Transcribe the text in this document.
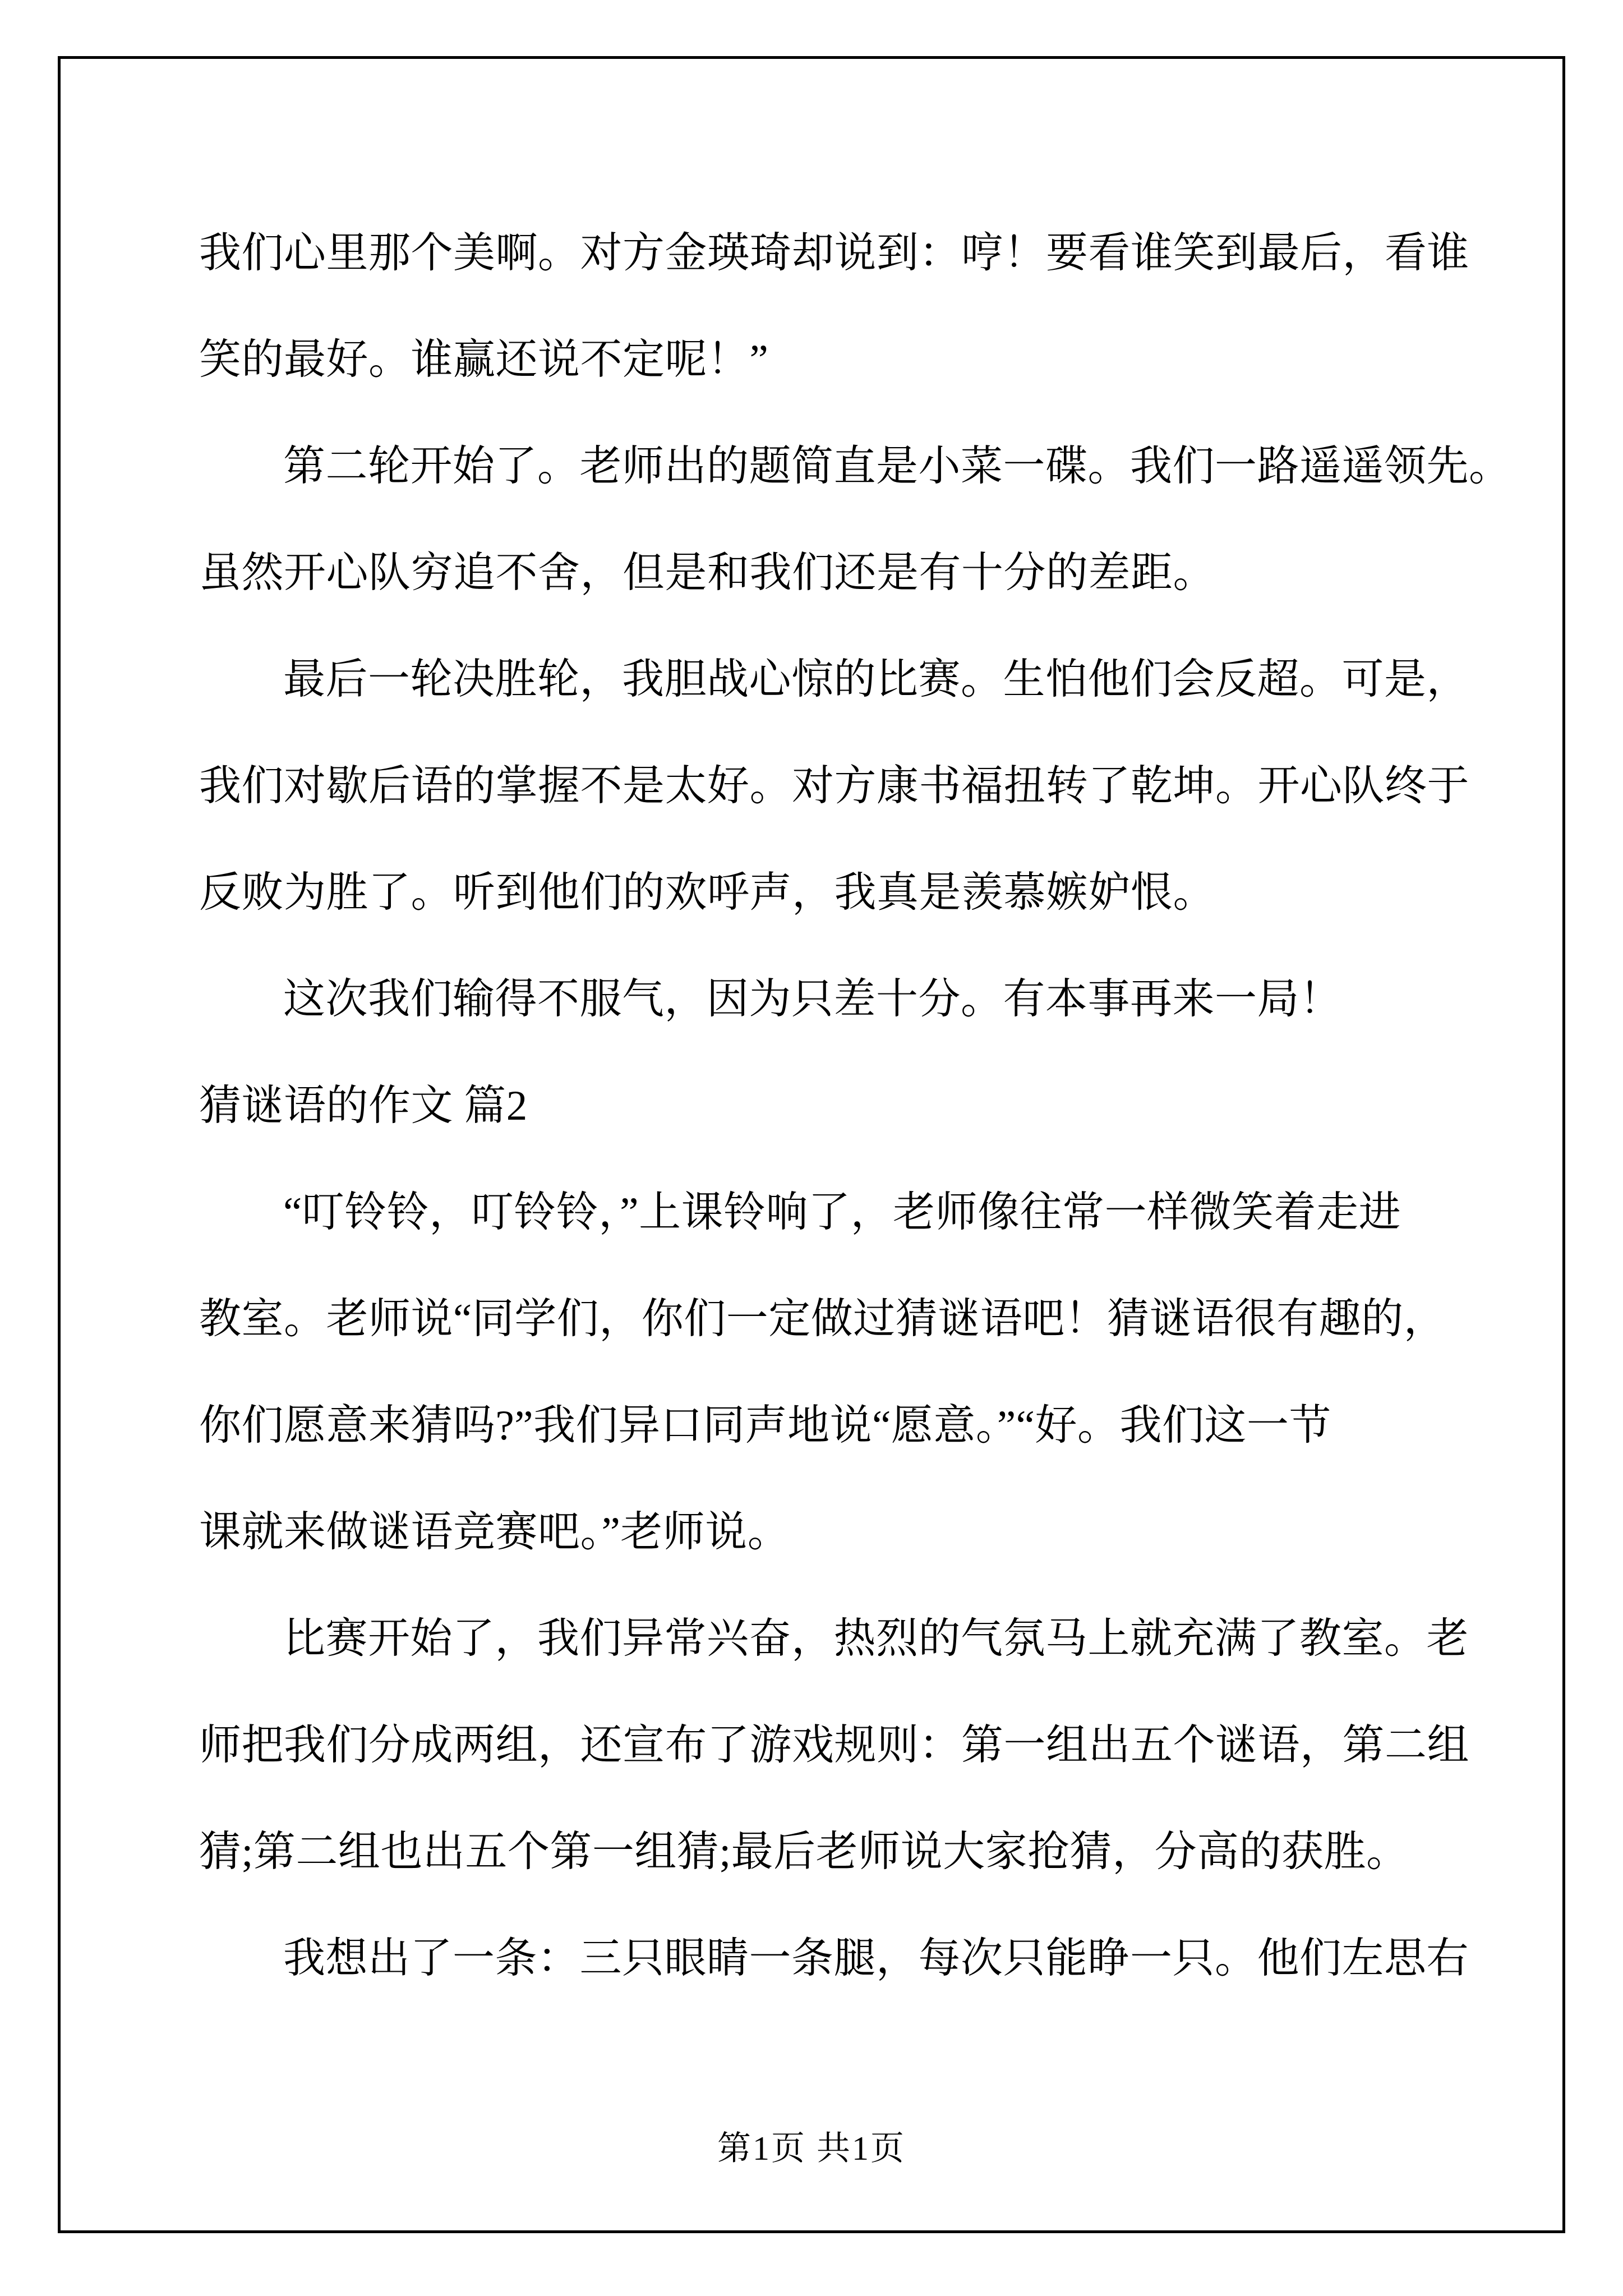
我们心里那个美啊。对方金瑛琦却说到：哼！要看谁笑到最后，看谁
笑的最好。谁赢还说不定呢！”
第二轮开始了。老师出的题简直是小菜一碟。我们一路遥遥领先。
虽然开心队穷追不舍，但是和我们还是有十分的差距。
最后一轮决胜轮，我胆战心惊的比赛。生怕他们会反超。可是，
我们对歇后语的掌握不是太好。对方康书福扭转了乾坤。开心队终于
反败为胜了。听到他们的欢呼声，我真是羡慕嫉妒恨。
这次我们输得不服气，因为只差十分。有本事再来一局！
猜谜语的作文 篇2
“叮铃铃，叮铃铃，”上课铃响了，老师像往常一样微笑着走进
教室。老师说“同学们，你们一定做过猜谜语吧！猜谜语很有趣的，
你们愿意来猜吗?”我们异口同声地说“愿意。”“好。我们这一节
课就来做谜语竞赛吧。”老师说。
比赛开始了，我们异常兴奋，热烈的气氛马上就充满了教室。老
师把我们分成两组，还宣布了游戏规则：第一组出五个谜语，第二组
猜;第二组也出五个第一组猜;最后老师说大家抢猜，分高的获胜。
我想出了一条：三只眼睛一条腿，每次只能睁一只。他们左思右
第1页 共1页
